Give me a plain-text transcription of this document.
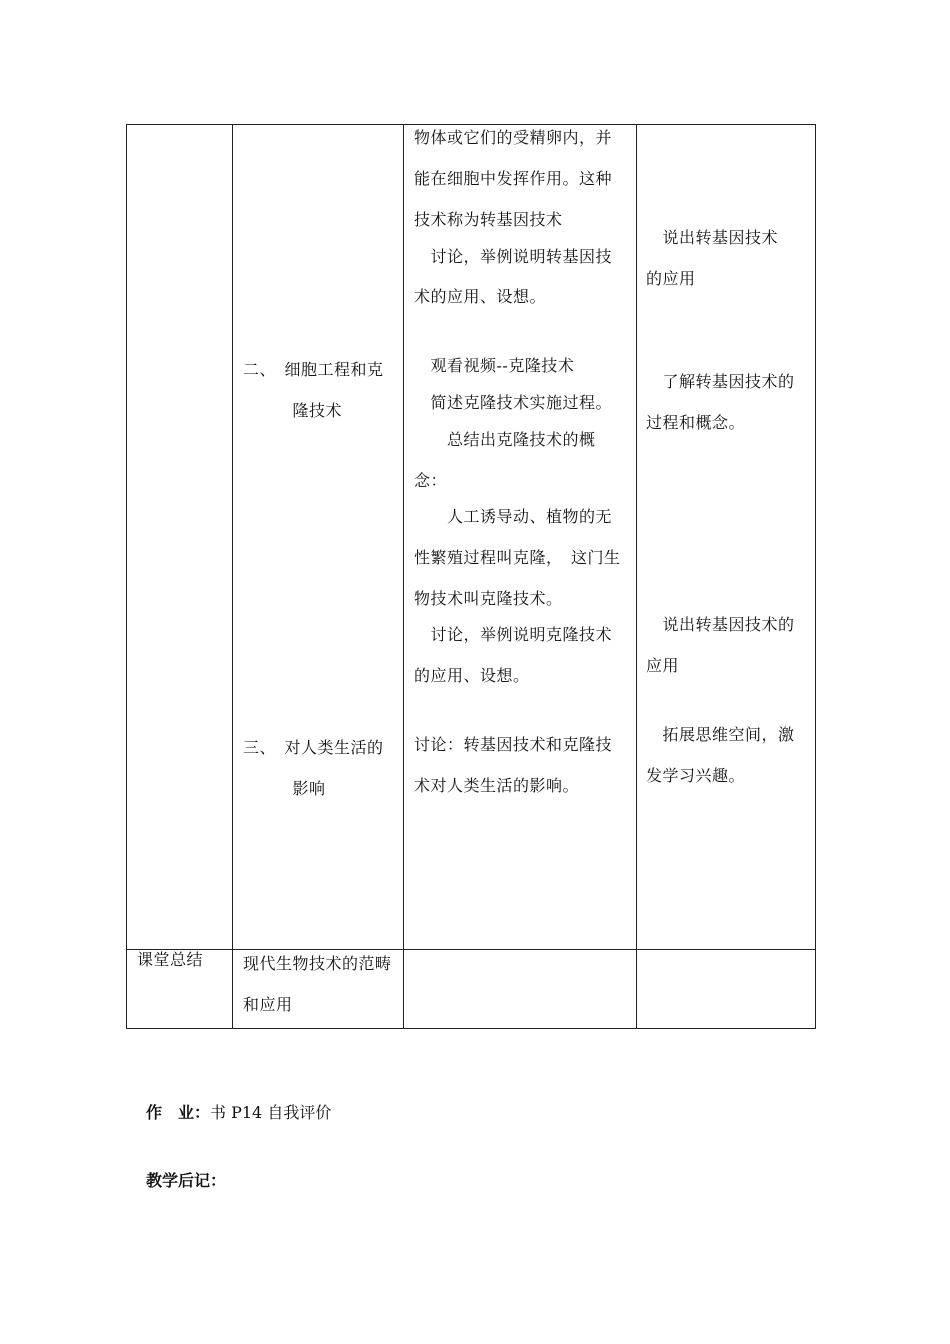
二、　细胞工程和克
　　　隆技术
三、　对人类生活的
　　　影响
现代生物技术的范畴
和应用
课堂总结
物体或它们的受精卵内，并
能在细胞中发挥作用。这种
技术称为转基因技术
　讨论，举例说明转基因技
术的应用、设想。
　观看视频--克隆技术
　简述克隆技术实施过程。
　　总结出克隆技术的概
念：
　　人工诱导动、植物的无
性繁殖过程叫克隆，　这门生
物技术叫克隆技术。
　讨论，举例说明克隆技术
的应用、设想。
讨论：转基因技术和克隆技
术对人类生活的影响。
　说出转基因技术
的应用
　了解转基因技术的
过程和概念。
　说出转基因技术的
应用
　拓展思维空间，激
发学习兴趣。
作　业：书 P14 自我评价
教学后记：
